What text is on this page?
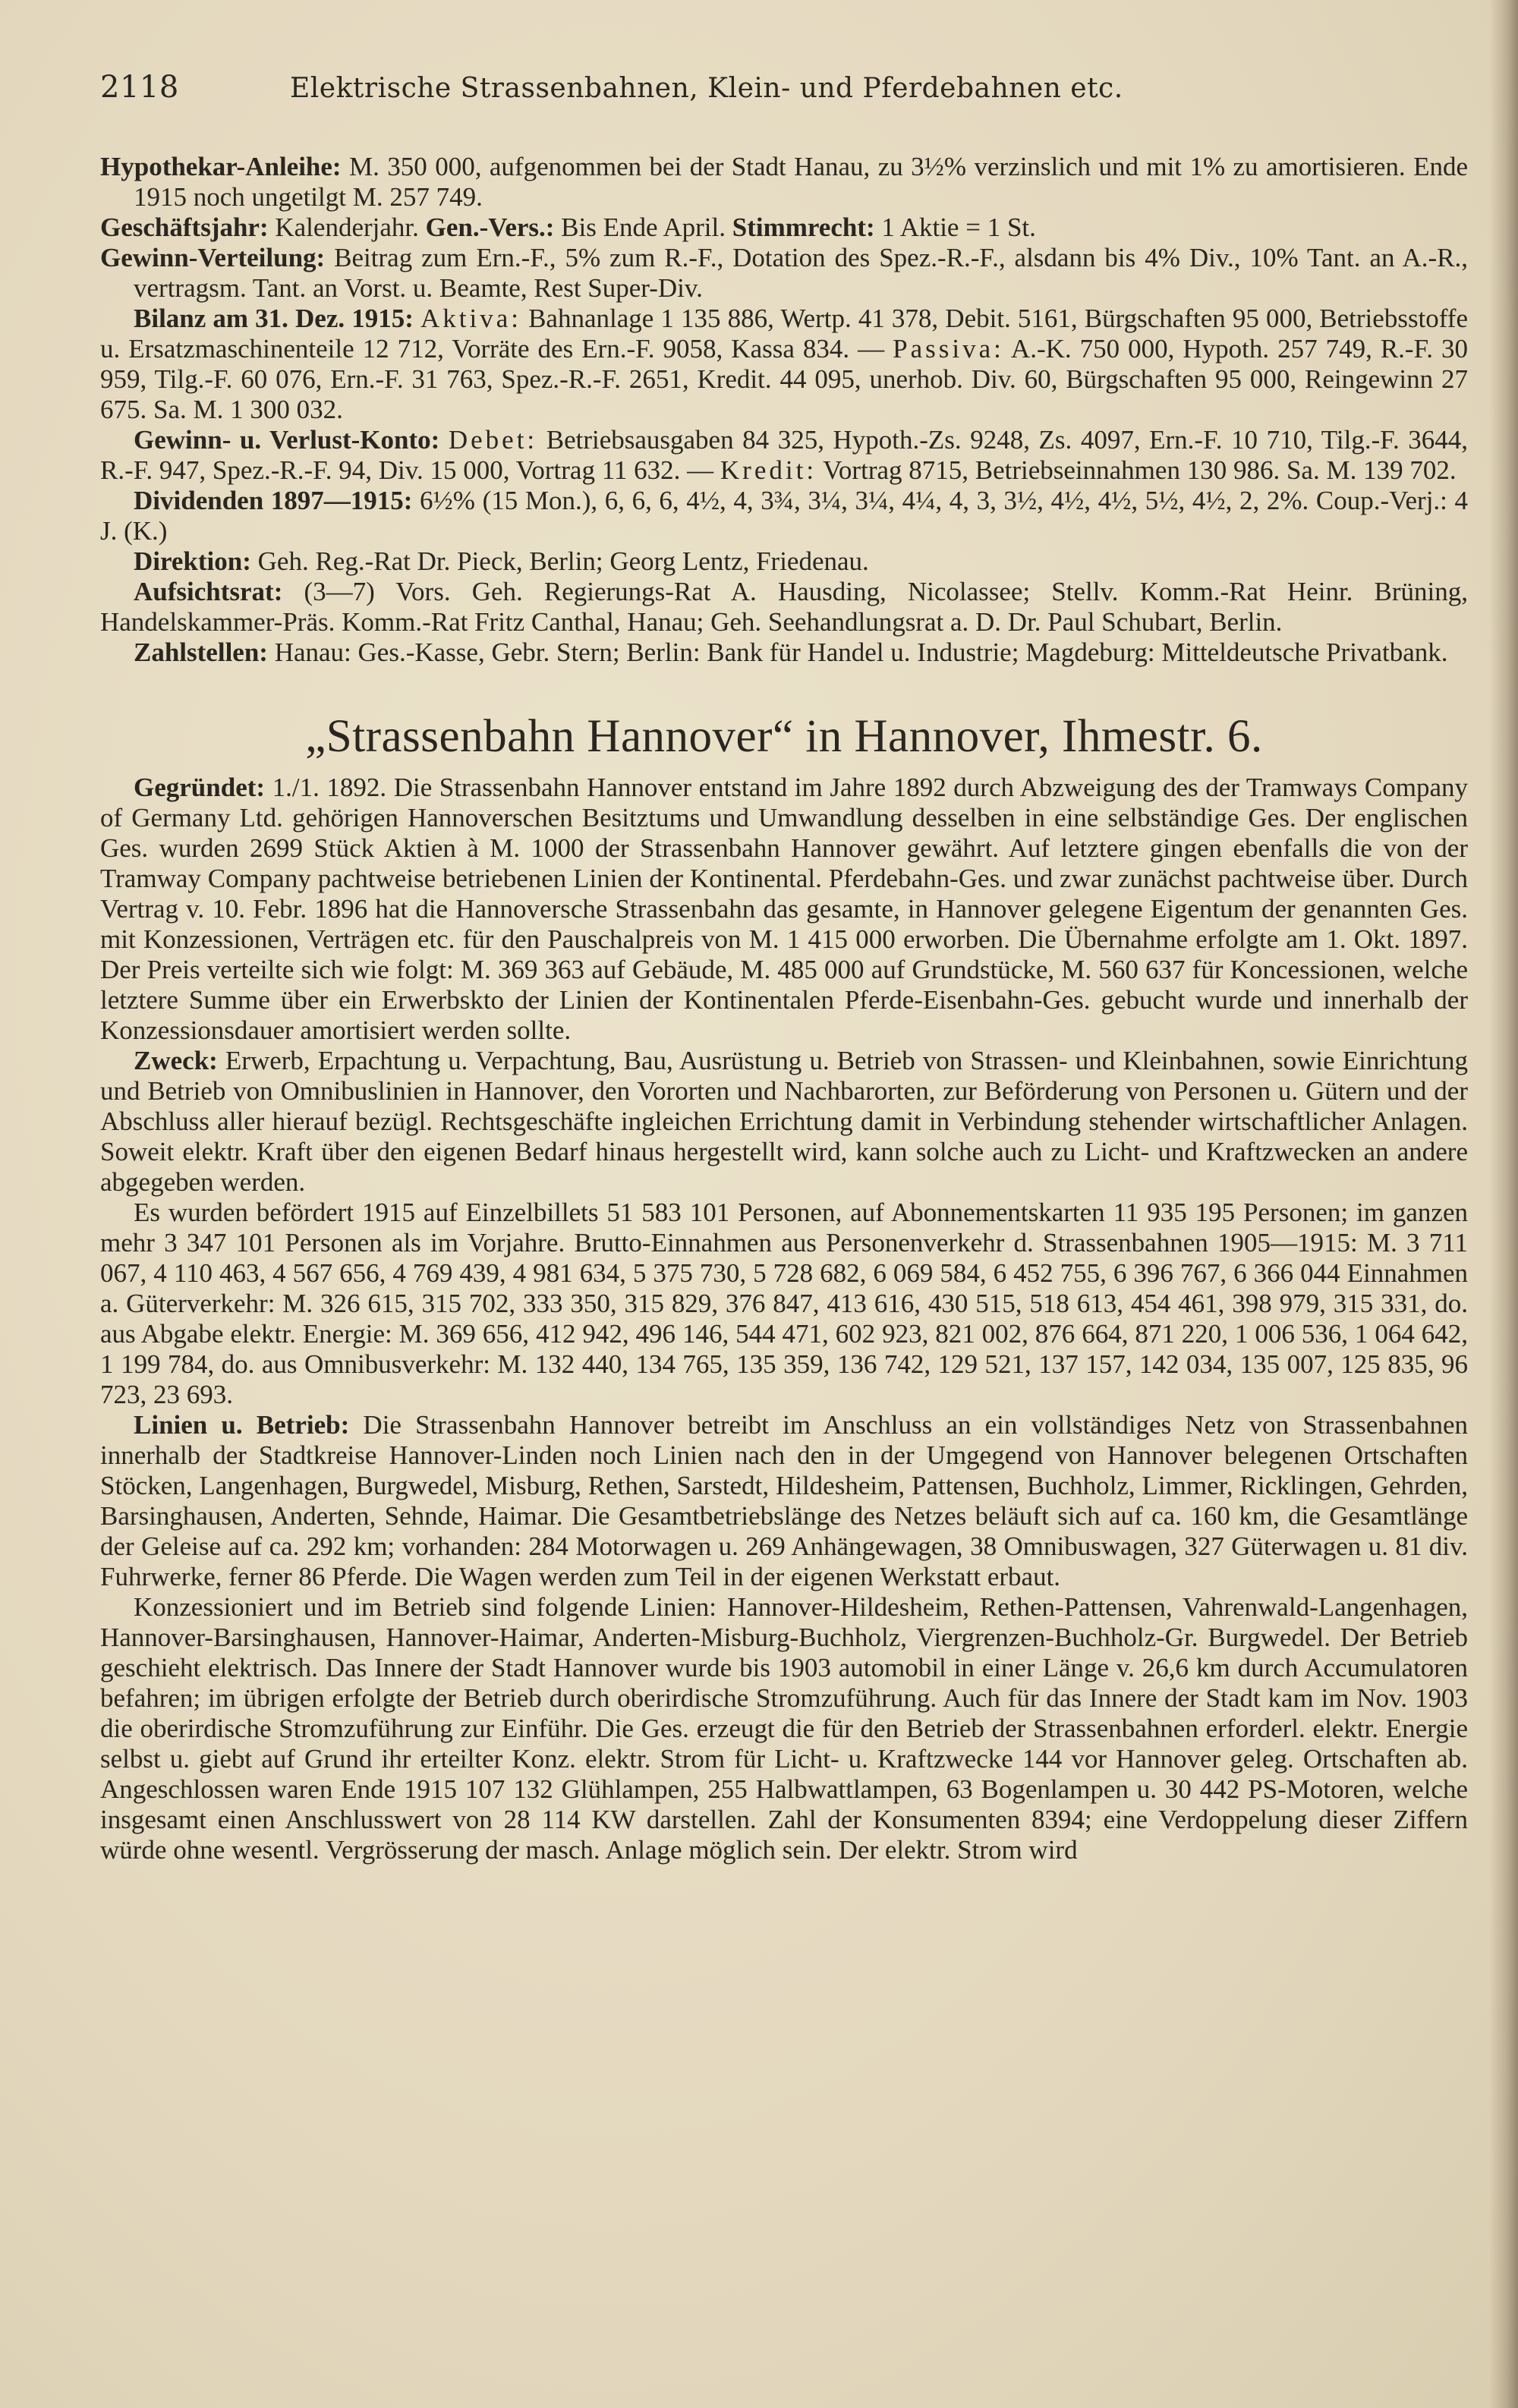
2118	Elektrische Strassenbahnen, Klein- und Pferdebahnen etc.

Hypothekar-Anleihe: M. 350 000, aufgenommen bei der Stadt Hanau, zu 3½% verzinslich und mit 1% zu amortisieren. Ende 1915 noch ungetilgt M. 257 749.

Geschäftsjahr: Kalenderjahr. Gen.-Vers.: Bis Ende April. Stimmrecht: 1 Aktie = 1 St.

Gewinn-Verteilung: Beitrag zum Ern.-F., 5% zum R.-F., Dotation des Spez.-R.-F., alsdann bis 4% Div., 10% Tant. an A.-R., vertragsm. Tant. an Vorst. u. Beamte, Rest Super-Div.

Bilanz am 31. Dez. 1915: Aktiva: Bahnanlage 1 135 886, Wertp. 41 378, Debit. 5161, Bürgschaften 95 000, Betriebsstoffe u. Ersatzmaschinenteile 12 712, Vorräte des Ern.-F. 9058, Kassa 834. — Passiva: A.-K. 750 000, Hypoth. 257 749, R.-F. 30 959, Tilg.-F. 60 076, Ern.-F. 31 763, Spez.-R.-F. 2651, Kredit. 44 095, unerhob. Div. 60, Bürgschaften 95 000, Reingewinn 27 675. Sa. M. 1 300 032.

Gewinn- u. Verlust-Konto: Debet: Betriebsausgaben 84 325, Hypoth.-Zs. 9248, Zs. 4097, Ern.-F. 10 710, Tilg.-F. 3644, R.-F. 947, Spez.-R.-F. 94, Div. 15 000, Vortrag 11 632. — Kredit: Vortrag 8715, Betriebseinnahmen 130 986. Sa. M. 139 702.

Dividenden 1897—1915: 6½% (15 Mon.), 6, 6, 6, 4½, 4, 3¾, 3¼, 3¼, 4¼, 4, 3, 3½, 4½, 4½, 5½, 4½, 2, 2%. Coup.-Verj.: 4 J. (K.)

Direktion: Geh. Reg.-Rat Dr. Pieck, Berlin; Georg Lentz, Friedenau.

Aufsichtsrat: (3—7) Vors. Geh. Regierungs-Rat A. Hausding, Nicolassee; Stellv. Komm.-Rat Heinr. Brüning, Handelskammer-Präs. Komm.-Rat Fritz Canthal, Hanau; Geh. Seehandlungsrat a. D. Dr. Paul Schubart, Berlin.

Zahlstellen: Hanau: Ges.-Kasse, Gebr. Stern; Berlin: Bank für Handel u. Industrie; Magdeburg: Mitteldeutsche Privatbank.

„Strassenbahn Hannover“ in Hannover, Ihmestr. 6.

Gegründet: 1./1. 1892. Die Strassenbahn Hannover entstand im Jahre 1892 durch Abzweigung des der Tramways Company of Germany Ltd. gehörigen Hannoverschen Besitztums und Umwandlung desselben in eine selbständige Ges. Der englischen Ges. wurden 2699 Stück Aktien à M. 1000 der Strassenbahn Hannover gewährt. Auf letztere gingen ebenfalls die von der Tramway Company pachtweise betriebenen Linien der Kontinental. Pferdebahn-Ges. und zwar zunächst pachtweise über. Durch Vertrag v. 10. Febr. 1896 hat die Hannoversche Strassenbahn das gesamte, in Hannover gelegene Eigentum der genannten Ges. mit Konzessionen, Verträgen etc. für den Pauschalpreis von M. 1 415 000 erworben. Die Übernahme erfolgte am 1. Okt. 1897. Der Preis verteilte sich wie folgt: M. 369 363 auf Gebäude, M. 485 000 auf Grundstücke, M. 560 637 für Koncessionen, welche letztere Summe über ein Erwerbskto der Linien der Kontinentalen Pferde-Eisenbahn-Ges. gebucht wurde und innerhalb der Konzessionsdauer amortisiert werden sollte.

Zweck: Erwerb, Erpachtung u. Verpachtung, Bau, Ausrüstung u. Betrieb von Strassen- und Kleinbahnen, sowie Einrichtung und Betrieb von Omnibuslinien in Hannover, den Vororten und Nachbarorten, zur Beförderung von Personen u. Gütern und der Abschluss aller hierauf bezügl. Rechtsgeschäfte ingleichen Errichtung damit in Verbindung stehender wirtschaftlicher Anlagen. Soweit elektr. Kraft über den eigenen Bedarf hinaus hergestellt wird, kann solche auch zu Licht- und Kraftzwecken an andere abgegeben werden.

Es wurden befördert 1915 auf Einzelbillets 51 583 101 Personen, auf Abonnementskarten 11 935 195 Personen; im ganzen mehr 3 347 101 Personen als im Vorjahre. Brutto-Einnahmen aus Personenverkehr d. Strassenbahnen 1905—1915: M. 3 711 067, 4 110 463, 4 567 656, 4 769 439, 4 981 634, 5 375 730, 5 728 682, 6 069 584, 6 452 755, 6 396 767, 6 366 044 Einnahmen a. Güterverkehr: M. 326 615, 315 702, 333 350, 315 829, 376 847, 413 616, 430 515, 518 613, 454 461, 398 979, 315 331, do. aus Abgabe elektr. Energie: M. 369 656, 412 942, 496 146, 544 471, 602 923, 821 002, 876 664, 871 220, 1 006 536, 1 064 642, 1 199 784, do. aus Omnibusverkehr: M. 132 440, 134 765, 135 359, 136 742, 129 521, 137 157, 142 034, 135 007, 125 835, 96 723, 23 693.

Linien u. Betrieb: Die Strassenbahn Hannover betreibt im Anschluss an ein vollständiges Netz von Strassenbahnen innerhalb der Stadtkreise Hannover-Linden noch Linien nach den in der Umgegend von Hannover belegenen Ortschaften Stöcken, Langenhagen, Burgwedel, Misburg, Rethen, Sarstedt, Hildesheim, Pattensen, Buchholz, Limmer, Ricklingen, Gehrden, Barsinghausen, Anderten, Sehnde, Haimar. Die Gesamtbetriebslänge des Netzes beläuft sich auf ca. 160 km, die Gesamtlänge der Geleise auf ca. 292 km; vorhanden: 284 Motorwagen u. 269 Anhängewagen, 38 Omnibuswagen, 327 Güterwagen u. 81 div. Fuhrwerke, ferner 86 Pferde. Die Wagen werden zum Teil in der eigenen Werkstatt erbaut.

Konzessioniert und im Betrieb sind folgende Linien: Hannover-Hildesheim, Rethen-Pattensen, Vahrenwald-Langenhagen, Hannover-Barsinghausen, Hannover-Haimar, Anderten-Misburg-Buchholz, Viergrenzen-Buchholz-Gr. Burgwedel. Der Betrieb geschieht elektrisch. Das Innere der Stadt Hannover wurde bis 1903 automobil in einer Länge v. 26,6 km durch Accumulatoren befahren; im übrigen erfolgte der Betrieb durch oberirdische Stromzuführung. Auch für das Innere der Stadt kam im Nov. 1903 die oberirdische Stromzuführung zur Einführ. Die Ges. erzeugt die für den Betrieb der Strassenbahnen erforderl. elektr. Energie selbst u. giebt auf Grund ihr erteilter Konz. elektr. Strom für Licht- u. Kraftzwecke 144 vor Hannover geleg. Ortschaften ab. Angeschlossen waren Ende 1915 107 132 Glühlampen, 255 Halbwattlampen, 63 Bogenlampen u. 30 442 PS-Motoren, welche insgesamt einen Anschlusswert von 28 114 KW darstellen. Zahl der Konsumenten 8394; eine Verdoppelung dieser Ziffern würde ohne wesentl. Vergrösserung der masch. Anlage möglich sein. Der elektr. Strom wird
